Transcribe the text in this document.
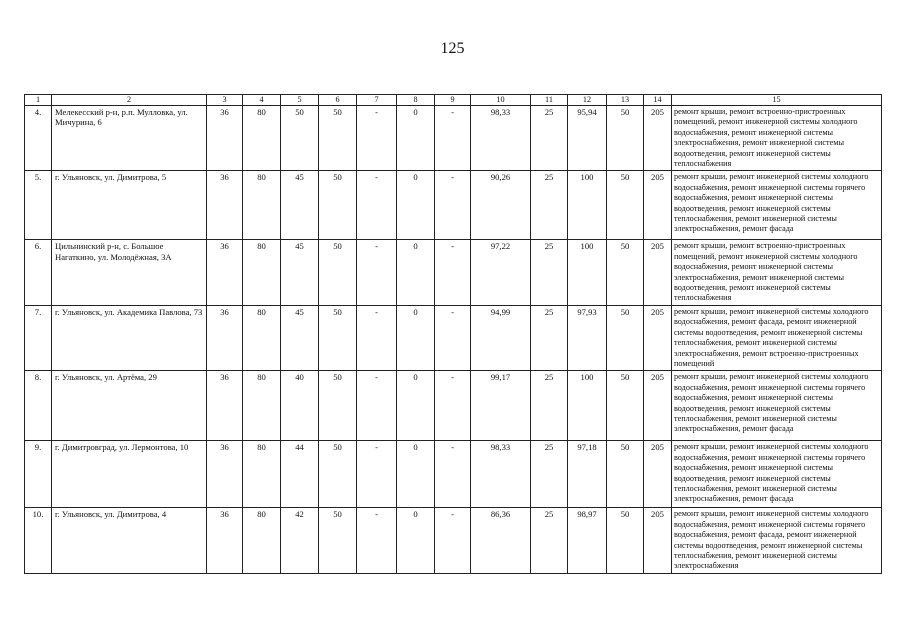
125
1	2	3	4	5	6	7	8	9	10	11	12	13	14	15
4.	Мелекесский р-н, р.п. Мулловка, ул. Мичурина, 6	36	80	50	50	-	0	-	98,33	25	95,94	50	205	ремонт крыши, ремонт встроенно-пристроенных помещений, ремонт инженерной системы холодного водоснабжения, ремонт инженерной системы электроснабжения, ремонт инженерной системы водоотведения, ремонт инженерной системы теплоснабжения
5.	г. Ульяновск, ул. Димитрова, 5	36	80	45	50	-	0	-	90,26	25	100	50	205	ремонт крыши, ремонт инженерной системы холодного водоснабжения, ремонт инженерной системы горячего водоснабжения, ремонт инженерной системы водоотведения, ремонт инженерной системы теплоснабжения, ремонт инженерной системы электроснабжения, ремонт фасада
6.	Цильнинский р-н, с. Большое Нагаткино, ул. Молодёжная, 3А	36	80	45	50	-	0	-	97,22	25	100	50	205	ремонт крыши, ремонт встроенно-пристроенных помещений, ремонт инженерной системы холодного водоснабжения, ремонт инженерной системы электроснабжения, ремонт инженерной системы водоотведения, ремонт инженерной системы теплоснабжения
7.	г. Ульяновск, ул. Академика Павлова, 73	36	80	45	50	-	0	-	94,99	25	97,93	50	205	ремонт крыши, ремонт инженерной системы холодного водоснабжения, ремонт фасада, ремонт инженерной системы водоотведения, ремонт инженерной системы теплоснабжения, ремонт инженерной системы электроснабжения, ремонт встроенно-пристроенных помещений
8.	г. Ульяновск, ул. Артёма, 29	36	80	40	50	-	0	-	99,17	25	100	50	205	ремонт крыши, ремонт инженерной системы холодного водоснабжения, ремонт инженерной системы горячего водоснабжения, ремонт инженерной системы водоотведения, ремонт инженерной системы теплоснабжения, ремонт инженерной системы электроснабжения, ремонт фасада
9.	г. Димитровград, ул. Лермонтова, 10	36	80	44	50	-	0	-	98,33	25	97,18	50	205	ремонт крыши, ремонт инженерной системы холодного водоснабжения, ремонт инженерной системы горячего водоснабжения, ремонт инженерной системы водоотведения, ремонт инженерной системы теплоснабжения, ремонт инженерной системы электроснабжения, ремонт фасада
10.	г. Ульяновск, ул. Димитрова, 4	36	80	42	50	-	0	-	86,36	25	98,97	50	205	ремонт крыши, ремонт инженерной системы холодного водоснабжения, ремонт инженерной системы горячего водоснабжения, ремонт фасада, ремонт инженерной системы водоотведения, ремонт инженерной системы теплоснабжения, ремонт инженерной системы электроснабжения
